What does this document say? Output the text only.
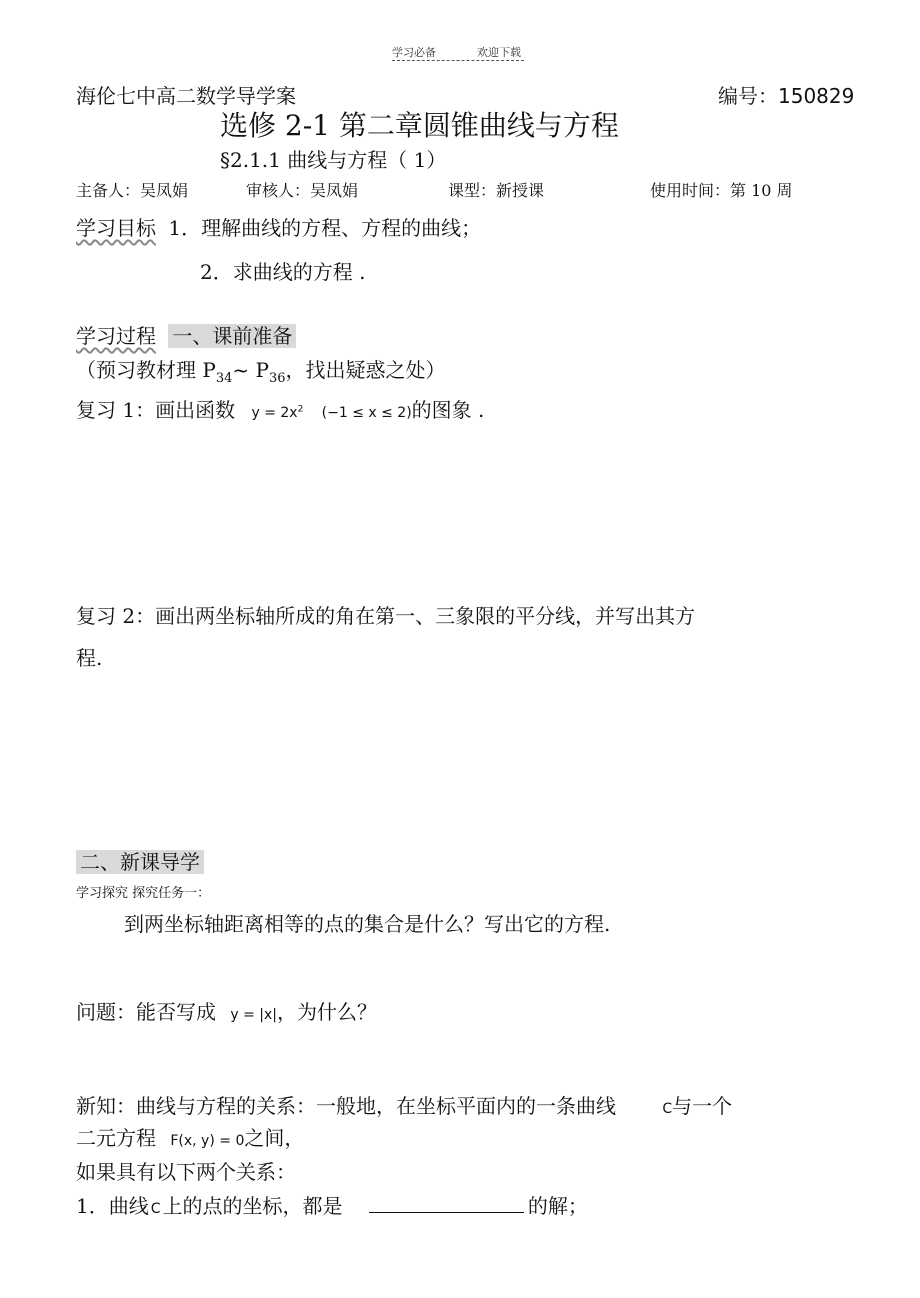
学习必备	欢迎下载
海伦七中高二数学导学案	编号：150829
选修 2-1 第二章圆锥曲线与方程
§2.1.1 曲线与方程（ 1）
主备人：吴凤娟	审核人：吴凤娟	课型：新授课	使用时间：第 10 周
学习目标 1．理解曲线的方程、方程的曲线；
2．求曲线的方程 .
学习过程 一、课前准备
（预习教材理 $P_{34}\sim$ $P_{36}$，找出疑惑之处）
复习 1：画出函数 $y = 2x^2$ (−1 ≤ x ≤ 2)的图象 .
复习 2：画出两坐标轴所成的角在第一、三象限的平分线，并写出其方
程.
二、新课导学
学习探究 探究任务一：
到两坐标轴距离相等的点的集合是什么？写出它的方程.
问题：能否写成 y = |x|，为什么？
新知：曲线与方程的关系：一般地，在坐标平面内的一条曲线	C与一个
二元方程 F(x, y) = 0之间，
如果具有以下两个关系：
1．曲线 C 上的点的坐标，都是	的解；
